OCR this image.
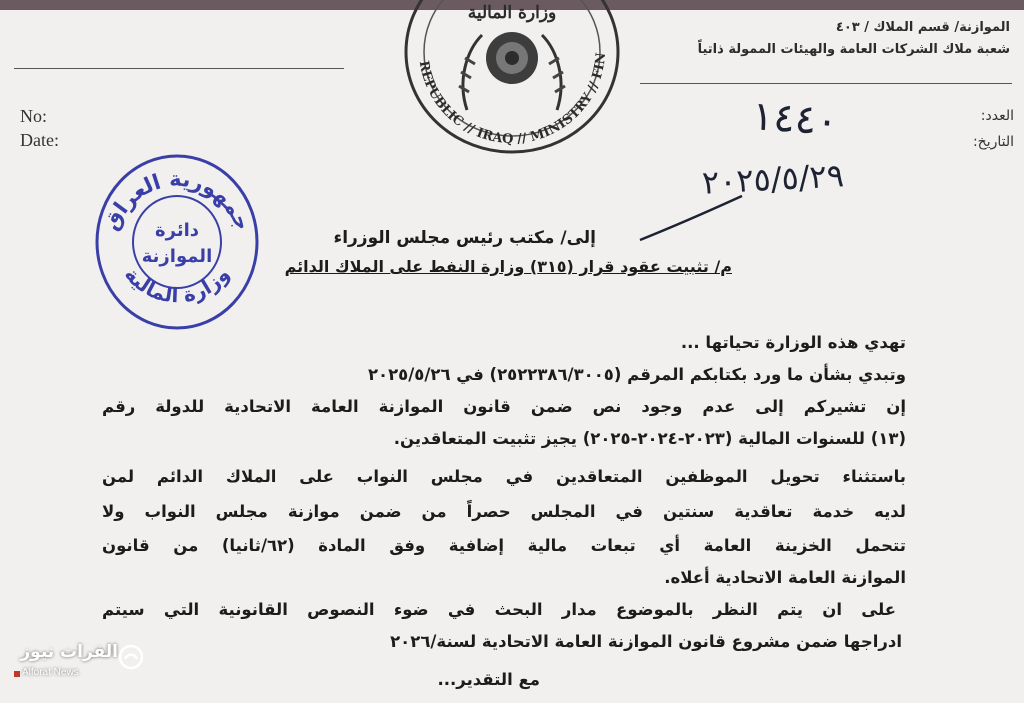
الموازنة/ قسم الملاك / ٤٠٣
شعبة ملاك الشركات العامة والهيئات الممولة ذاتياً
No:
Date:
العدد:
التاريخ:
١٤٤٠
٢٠٢٥/٥/٢٩
REPUBLIC // IRAQ // MINISTRY // FIN
وزارة المالية
جمهورية العراق
وزارة المالية
دائرة
الموازنة
إلى/ مكتب رئيس مجلس الوزراء
م/ تثبيت عقود قرار (٣١٥) وزارة النفط على الملاك الدائم
تهدي هذه الوزارة تحياتها ...
وتبدي بشأن ما ورد بكتابكم المرقم (٢٥٢٢٣٨٦/٣٠٠٥) في ٢٠٢٥/٥/٢٦
إن تشيركم إلى عدم وجود نص ضمن قانون الموازنة العامة الاتحادية للدولة رقم
(١٣) للسنوات المالية (٢٠٢٣-٢٠٢٤-٢٠٢٥) يجيز تثبيت المتعاقدين.
باستثناء تحويل الموظفين المتعاقدين في مجلس النواب على الملاك الدائم لمن
لديه خدمة تعاقدية سنتين في المجلس حصراً من ضمن موازنة مجلس النواب ولا
تتحمل الخزينة العامة أي تبعات مالية إضافية وفق المادة (٦٢/ثانيا) من قانون
الموازنة العامة الاتحادية أعلاه.
على ان يتم النظر بالموضوع مدار البحث في ضوء النصوص القانونية التي سيتم
ادراجها ضمن مشروع قانون الموازنة العامة الاتحادية لسنة/٢٠٢٦
مع التقدير...
الفرات نيوز
Alforat News
